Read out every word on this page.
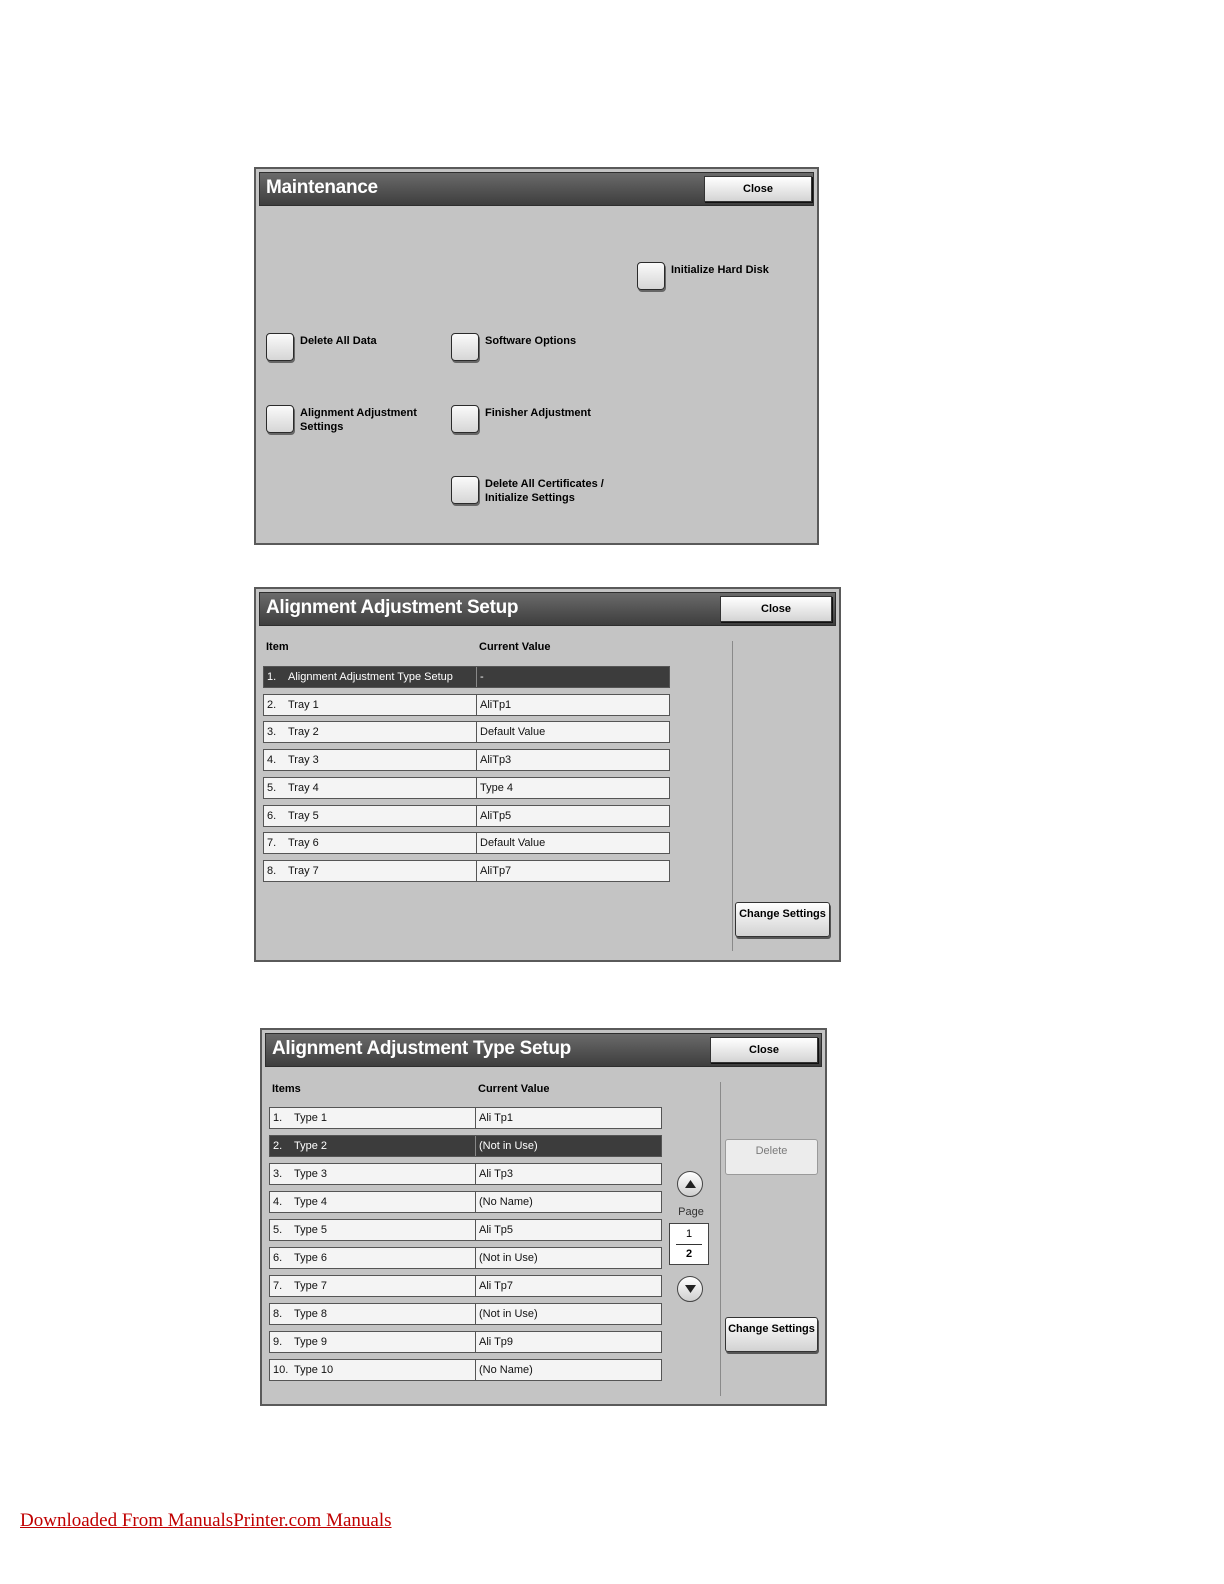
Maintenance	Close
Initialize Hard Disk
Delete All Data	Software Options
Alignment Adjustment
Settings
Finisher Adjustment
Delete All Certificates /
Initialize Settings
Alignment Adjustment Setup	Close
Item	Current Value
1. Alignment Adjustment Type Setup	-
2. Tray 1	AliTp1
3. Tray 2	Default Value
4. Tray 3	AliTp3
5. Tray 4	Type 4
6. Tray 5	AliTp5
7. Tray 6	Default Value
8. Tray 7	AliTp7
Change Settings
Alignment Adjustment Type Setup	Close
Items	Current Value
1. Type 1	Ali Tp1
2. Type 2	(Not in Use)
3. Type 3	Ali Tp3
4. Type 4	(No Name)
5. Type 5	Ali Tp5
6. Type 6	(Not in Use)
7. Type 7	Ali Tp7
8. Type 8	(Not in Use)
9. Type 9	Ali Tp9
10. Type 10	(No Name)
Page
1
2
Delete
Change Settings
Downloaded From ManualsPrinter.com Manuals
